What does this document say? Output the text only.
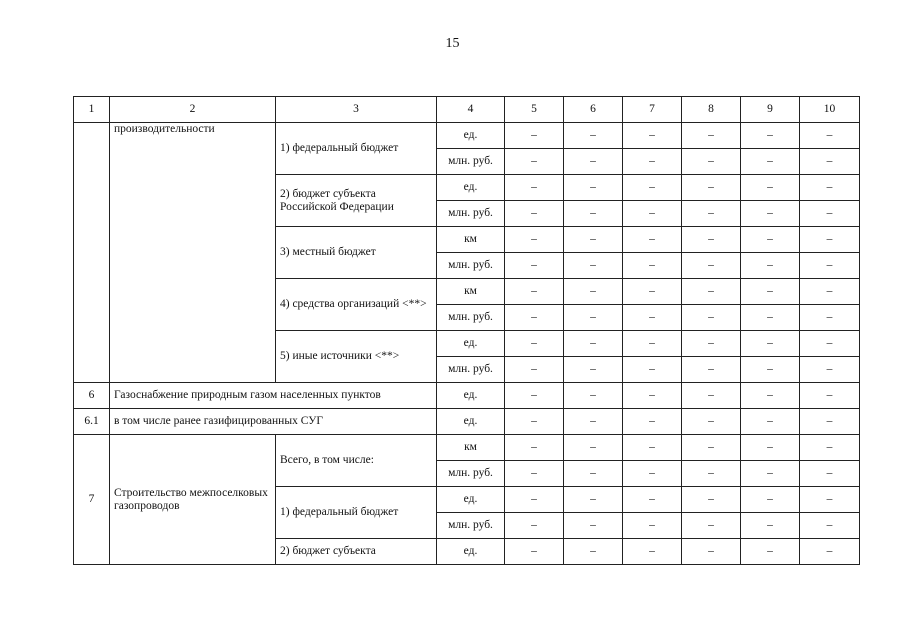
15
1	2	3	4	5	6	7	8	9	10
	производительности	1) федеральный бюджет	ед.	–	–	–	–	–	–
			млн. руб.	–	–	–	–	–	–
		2) бюджет субъекта Российской Федерации	ед.	–	–	–	–	–	–
			млн. руб.	–	–	–	–	–	–
		3) местный бюджет	км	–	–	–	–	–	–
			млн. руб.	–	–	–	–	–	–
		4) средства организаций <**>	км	–	–	–	–	–	–
			млн. руб.	–	–	–	–	–	–
		5) иные источники <**>	ед.	–	–	–	–	–	–
			млн. руб.	–	–	–	–	–	–
6	Газоснабжение природным газом населенных пунктов		ед.	–	–	–	–	–	–
6.1	в том числе ранее газифицированных СУГ		ед.	–	–	–	–	–	–
7	Строительство межпоселковых газопроводов	Всего, в том числе:	км	–	–	–	–	–	–
			млн. руб.	–	–	–	–	–	–
		1) федеральный бюджет	ед.	–	–	–	–	–	–
			млн. руб.	–	–	–	–	–	–
		2) бюджет субъекта	ед.	–	–	–	–	–	–
